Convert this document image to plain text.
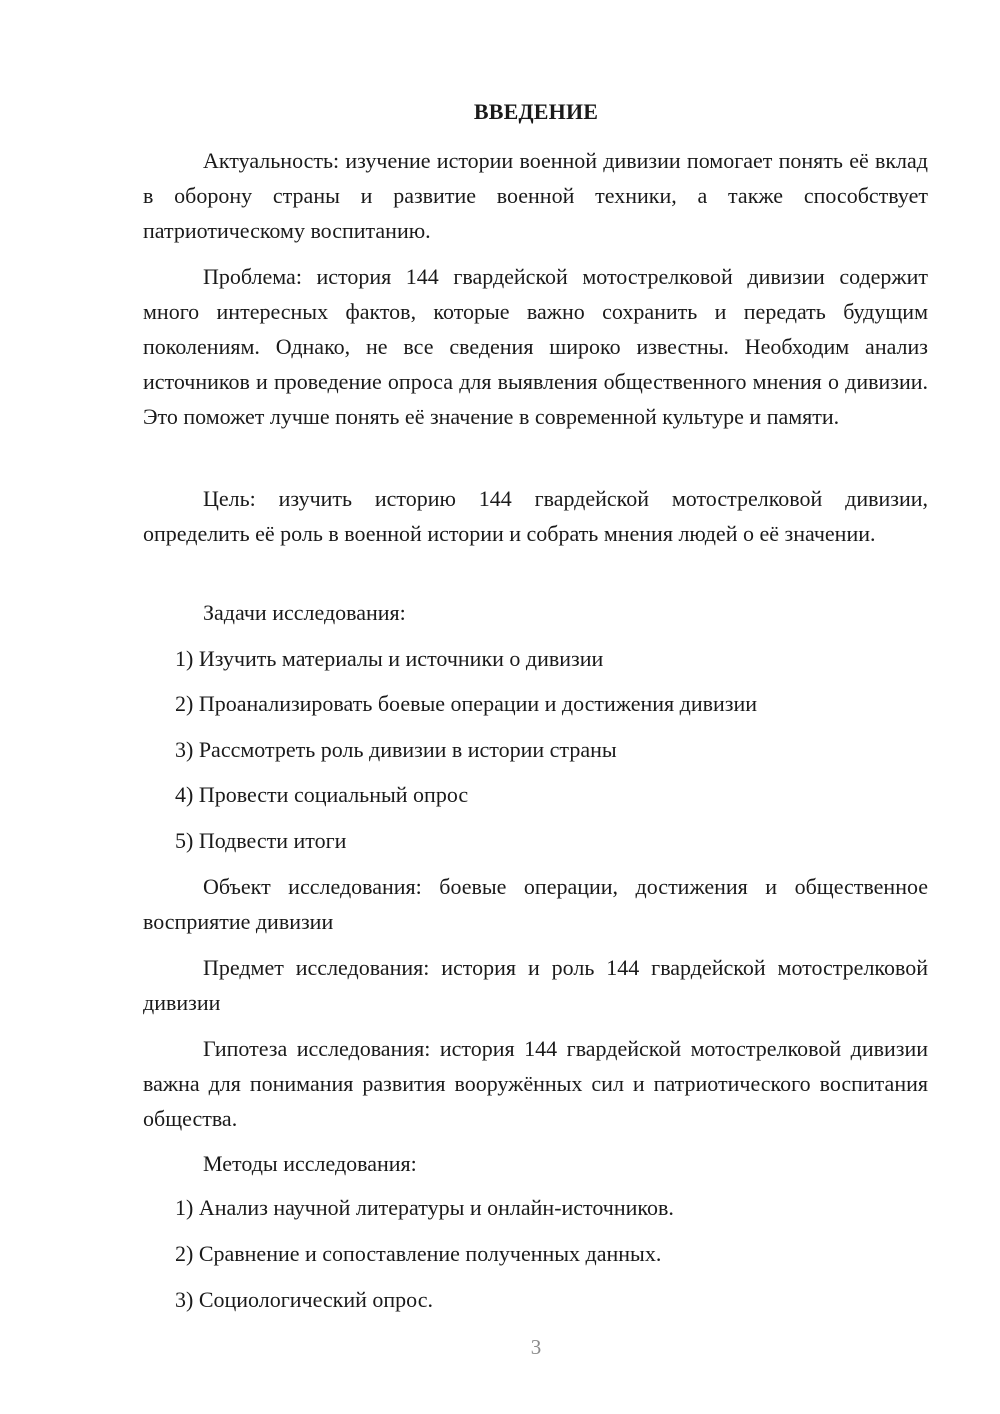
ВВЕДЕНИЕ
Актуальность: изучение истории военной дивизии помогает понять её вклад в оборону страны и развитие военной техники, а также способствует патриотическому воспитанию.
Проблема: история 144 гвардейской мотострелковой дивизии содержит много интересных фактов, которые важно сохранить и передать будущим поколениям. Однако, не все сведения широко известны. Необходим анализ источников и проведение опроса для выявления общественного мнения о дивизии. Это поможет лучше понять её значение в современной культуре и памяти.
Цель: изучить историю 144 гвардейской мотострелковой дивизии, определить её роль в военной истории и собрать мнения людей о её значении.
Задачи исследования:
1) Изучить материалы и источники о дивизии
2) Проанализировать боевые операции и достижения дивизии
3) Рассмотреть роль дивизии в истории страны
4) Провести социальный опрос
5) Подвести итоги
Объект исследования: боевые операции, достижения и общественное восприятие дивизии
Предмет исследования: история и роль 144 гвардейской мотострелковой дивизии
Гипотеза исследования: история 144 гвардейской мотострелковой дивизии важна для понимания развития вооружённых сил и патриотического воспитания общества.
Методы исследования:
1) Анализ научной литературы и онлайн-источников.
2) Сравнение и сопоставление полученных данных.
3) Социологический опрос.
3
